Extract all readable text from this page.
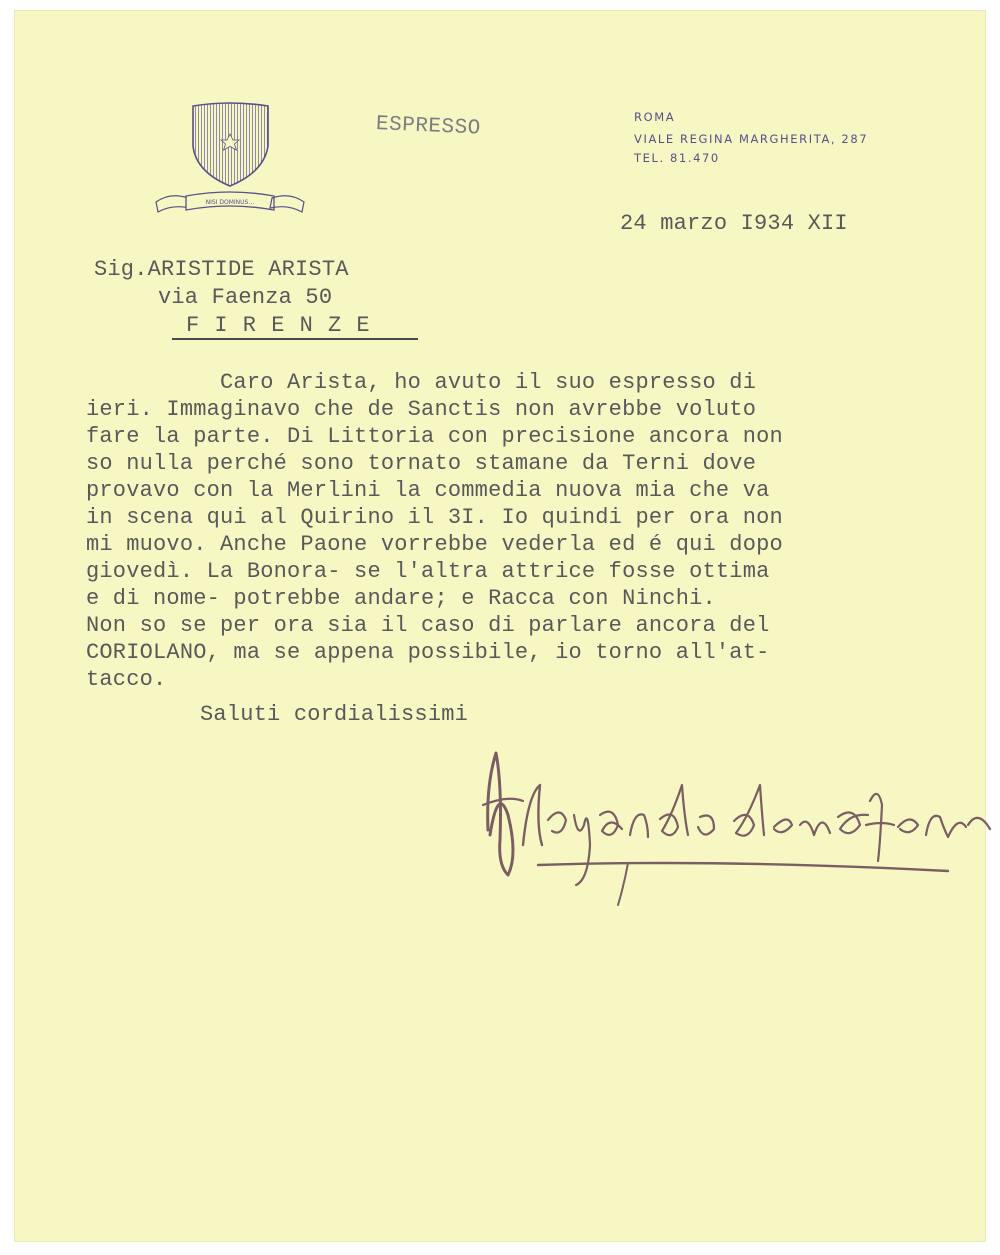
NISI DOMINUS…
ESPRESSO	ROMA
VIALE REGINA MARGHERITA, 287
TEL. 81.470
24 marzo I934 XII
Sig.ARISTIDE ARISTA
via Faenza 50
F I R E N Z E
Caro Arista, ho avuto il suo espresso di
ieri. Immaginavo che de Sanctis non avrebbe voluto
fare la parte. Di Littoria con precisione ancora non
so nulla perché sono tornato stamane da Terni dove
provavo con la Merlini la commedia nuova mia che va
in scena qui al Quirino il 3I. Io quindi per ora non
mi muovo. Anche Paone vorrebbe vederla ed é qui dopo
giovedì. La Bonora- se l'altra attrice fosse ottima
e di nome- potrebbe andare; e Racca con Ninchi.
Non so se per ora sia il caso di parlare ancora del
CORIOLANO, ma se appena possibile, io torno all'at-
tacco.
Saluti cordialissimi
